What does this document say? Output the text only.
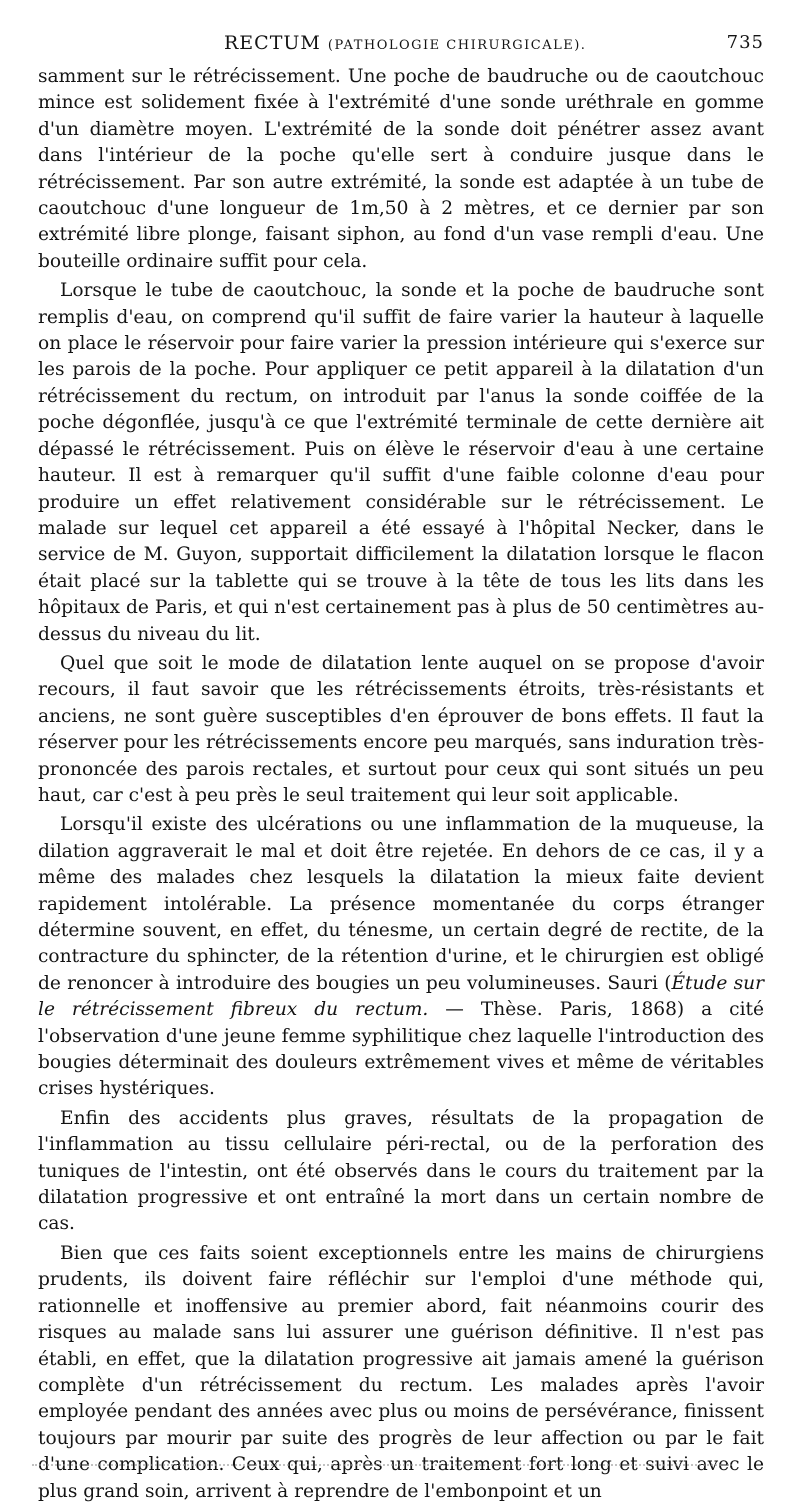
RECTUM (PATHOLOGIE CHIRURGICALE).	735

samment sur le rétrécissement. Une poche de baudruche ou de caoutchouc mince est solidement fixée à l'extrémité d'une sonde uréthrale en gomme d'un diamètre moyen. L'extrémité de la sonde doit pénétrer assez avant dans l'intérieur de la poche qu'elle sert à conduire jusque dans le rétrécissement. Par son autre extrémité, la sonde est adaptée à un tube de caoutchouc d'une longueur de 1m,50 à 2 mètres, et ce dernier par son extrémité libre plonge, faisant siphon, au fond d'un vase rempli d'eau. Une bouteille ordinaire suffit pour cela.

Lorsque le tube de caoutchouc, la sonde et la poche de baudruche sont remplis d'eau, on comprend qu'il suffit de faire varier la hauteur à laquelle on place le réservoir pour faire varier la pression intérieure qui s'exerce sur les parois de la poche. Pour appliquer ce petit appareil à la dilatation d'un rétrécissement du rectum, on introduit par l'anus la sonde coiffée de la poche dégonflée, jusqu'à ce que l'extrémité terminale de cette dernière ait dépassé le rétrécissement. Puis on élève le réservoir d'eau à une certaine hauteur. Il est à remarquer qu'il suffit d'une faible colonne d'eau pour produire un effet relativement considérable sur le rétrécissement. Le malade sur lequel cet appareil a été essayé à l'hôpital Necker, dans le service de M. Guyon, supportait difficilement la dilatation lorsque le flacon était placé sur la tablette qui se trouve à la tête de tous les lits dans les hôpitaux de Paris, et qui n'est certainement pas à plus de 50 centimètres au-dessus du niveau du lit.

Quel que soit le mode de dilatation lente auquel on se propose d'avoir recours, il faut savoir que les rétrécissements étroits, très-résistants et anciens, ne sont guère susceptibles d'en éprouver de bons effets. Il faut la réserver pour les rétrécissements encore peu marqués, sans induration très-prononcée des parois rectales, et surtout pour ceux qui sont situés un peu haut, car c'est à peu près le seul traitement qui leur soit applicable.

Lorsqu'il existe des ulcérations ou une inflammation de la muqueuse, la dilation aggraverait le mal et doit être rejetée. En dehors de ce cas, il y a même des malades chez lesquels la dilatation la mieux faite devient rapidement intolérable. La présence momentanée du corps étranger détermine souvent, en effet, du ténesme, un certain degré de rectite, de la contracture du sphincter, de la rétention d'urine, et le chirurgien est obligé de renoncer à introduire des bougies un peu volumineuses. Sauri (Étude sur le rétrécissement fibreux du rectum. — Thèse. Paris, 1868) a cité l'observation d'une jeune femme syphilitique chez laquelle l'introduction des bougies déterminait des douleurs extrêmement vives et même de véritables crises hystériques.

Enfin des accidents plus graves, résultats de la propagation de l'inflammation au tissu cellulaire péri-rectal, ou de la perforation des tuniques de l'intestin, ont été observés dans le cours du traitement par la dilatation progressive et ont entraîné la mort dans un certain nombre de cas.

Bien que ces faits soient exceptionnels entre les mains de chirurgiens prudents, ils doivent faire réfléchir sur l'emploi d'une méthode qui, rationnelle et inoffensive au premier abord, fait néanmoins courir des risques au malade sans lui assurer une guérison définitive. Il n'est pas établi, en effet, que la dilatation progressive ait jamais amené la guérison complète d'un rétrécissement du rectum. Les malades après l'avoir employée pendant des années avec plus ou moins de persévérance, finissent toujours par mourir par suite des progrès de leur affection ou par le fait d'une complication. Ceux qui, après un traitement fort long et suivi avec le plus grand soin, arrivent à reprendre de l'embonpoint et un
